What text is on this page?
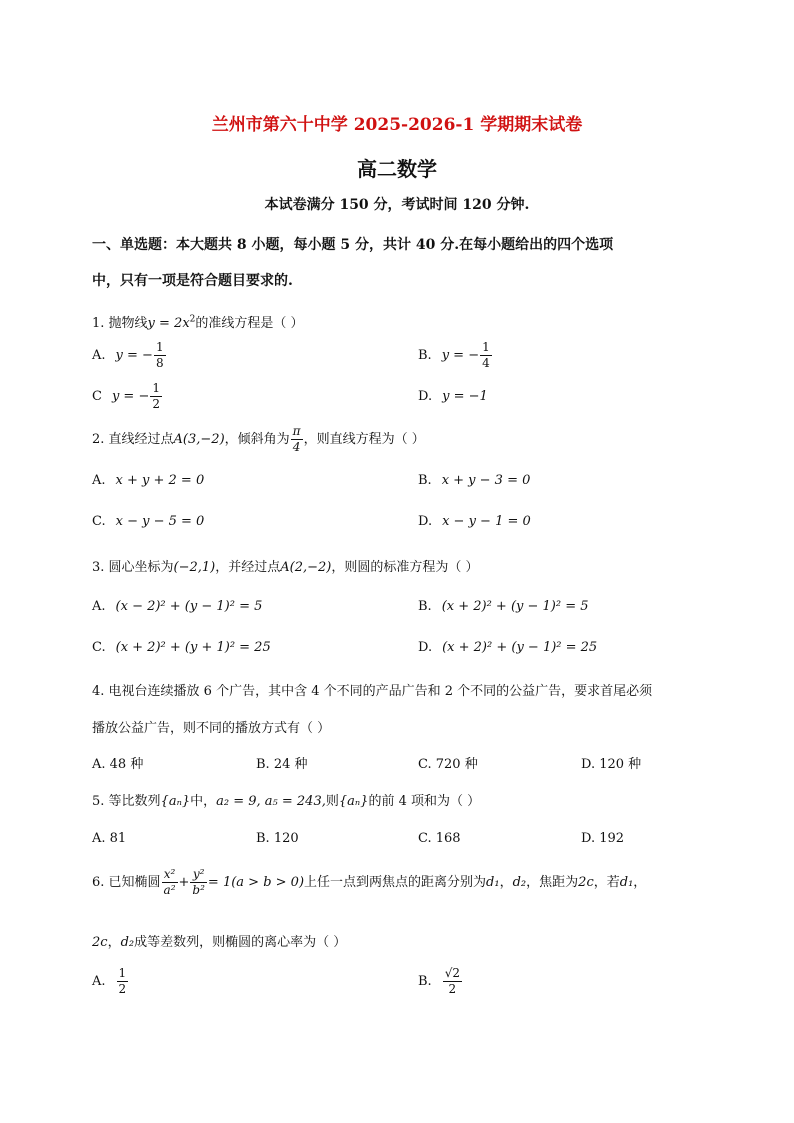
兰州市第六十中学 2025-2026-1 学期期末试卷
高二数学
本试卷满分 150 分，考试时间 120 分钟.
一、单选题：本大题共 8 小题，每小题 5 分，共计 40 分.在每小题给出的四个选项
中，只有一项是符合题目要求的.
1. 抛物线$y = 2x^2$的准线方程是（ ）
A. y = − $\frac{1}{8}$	B. y = − $\frac{1}{4}$
C y = − $\frac{1}{2}$	D. y = −1
2. 直线经过点A(3,−2)，倾斜角为 $\frac{\pi}{4}$ ，则直线方程为（ ）
A. x + y + 2 = 0	B. x + y − 3 = 0
C. x − y − 5 = 0	D. x − y − 1 = 0
3. 圆心坐标为(−2,1)，并经过点A(2,−2)，则圆的标准方程为（ ）
A. (x − 2)² + (y − 1)² = 5	B. (x + 2)² + (y − 1)² = 5
C. (x + 2)² + (y + 1)² = 25	D. (x + 2)² + (y − 1)² = 25
4. 电视台连续播放 6 个广告，其中含 4 个不同的产品广告和 2 个不同的公益广告，要求首尾必须
播放公益广告，则不同的播放方式有（ ）
A. 48 种	B. 24 种	C. 720 种	D. 120 种
5. 等比数列{aₙ}中，a₂ = 9, a₅ = 243,则{aₙ}的前 4 项和为（ ）
A. 81	B. 120	C. 168	D. 192
6. 已知椭圆 $\frac{\text{x²}}{\text{a²}} + \frac{\text{y²}}{\text{b²}} = 1(a > b > 0)$上任一点到两焦点的距离分别为d₁，d₂，焦距为2c，若d₁，
2c，d₂成等差数列，则椭圆的离心率为（ ）
A. $\frac{1}{2}$	B. $\frac{√2}{2}$
